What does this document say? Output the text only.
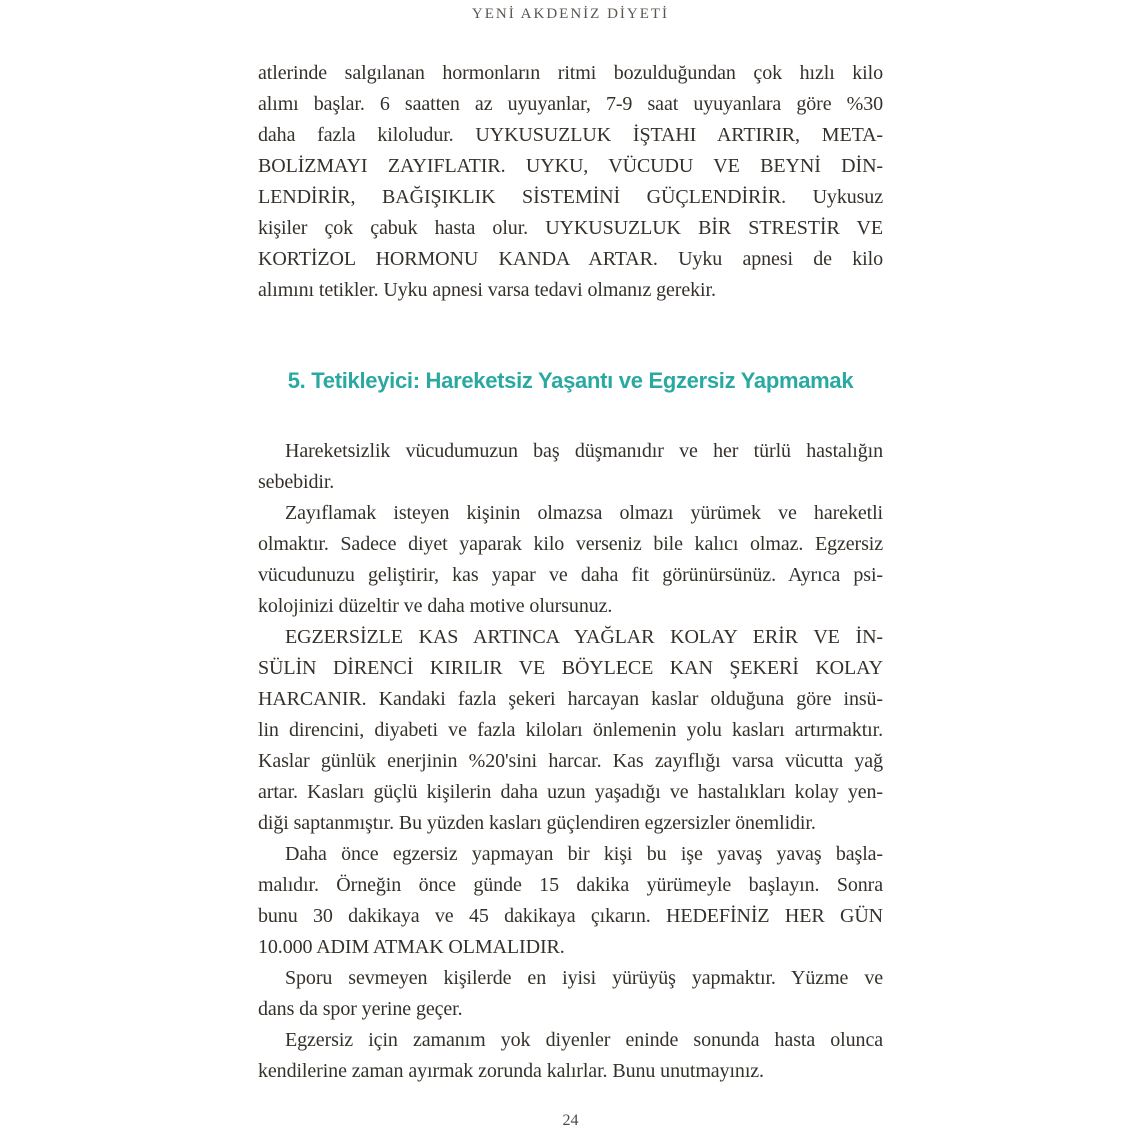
YENİ AKDENİZ DİYETİ
atlerinde salgılanan hormonların ritmi bozulduğundan çok hızlı kilo
alımı başlar. 6 saatten az uyuyanlar, 7-9 saat uyuyanlara göre %30
daha fazla kiloludur. UYKUSUZLUK İŞTAHI ARTIRIR, META-
BOLİZMAYI ZAYIFLATIR. UYKU, VÜCUDU VE BEYNİ DİN-
LENDİRİR, BAĞIŞIKLIK SİSTEMİNİ GÜÇLENDİRİR. Uykusuz
kişiler çok çabuk hasta olur. UYKUSUZLUK BİR STRESTİR VE
KORTİZOL HORMONU KANDA ARTAR. Uyku apnesi de kilo
alımını tetikler. Uyku apnesi varsa tedavi olmanız gerekir.
5. Tetikleyici: Hareketsiz Yaşantı ve Egzersiz Yapmamak
Hareketsizlik vücudumuzun baş düşmanıdır ve her türlü hastalığın
sebebidir.
Zayıflamak isteyen kişinin olmazsa olmazı yürümek ve hareketli
olmaktır. Sadece diyet yaparak kilo verseniz bile kalıcı olmaz. Egzersiz
vücudunuzu geliştirir, kas yapar ve daha fit görünürsünüz. Ayrıca psi-
kolojinizi düzeltir ve daha motive olursunuz.
EGZERSİZLE KAS ARTINCA YAĞLAR KOLAY ERİR VE İN-
SÜLİN DİRENCİ KIRILIR VE BÖYLECE KAN ŞEKERİ KOLAY
HARCANIR. Kandaki fazla şekeri harcayan kaslar olduğuna göre insü-
lin direncini, diyabeti ve fazla kiloları önlemenin yolu kasları artırmaktır.
Kaslar günlük enerjinin %20'sini harcar. Kas zayıflığı varsa vücutta yağ
artar. Kasları güçlü kişilerin daha uzun yaşadığı ve hastalıkları kolay yen-
diği saptanmıştır. Bu yüzden kasları güçlendiren egzersizler önemlidir.
Daha önce egzersiz yapmayan bir kişi bu işe yavaş yavaş başla-
malıdır. Örneğin önce günde 15 dakika yürümeyle başlayın. Sonra
bunu 30 dakikaya ve 45 dakikaya çıkarın. HEDEFİNİZ HER GÜN
10.000 ADIM ATMAK OLMALIDIR.
Sporu sevmeyen kişilerde en iyisi yürüyüş yapmaktır. Yüzme ve
dans da spor yerine geçer.
Egzersiz için zamanım yok diyenler eninde sonunda hasta olunca
kendilerine zaman ayırmak zorunda kalırlar. Bunu unutmayınız.
24
